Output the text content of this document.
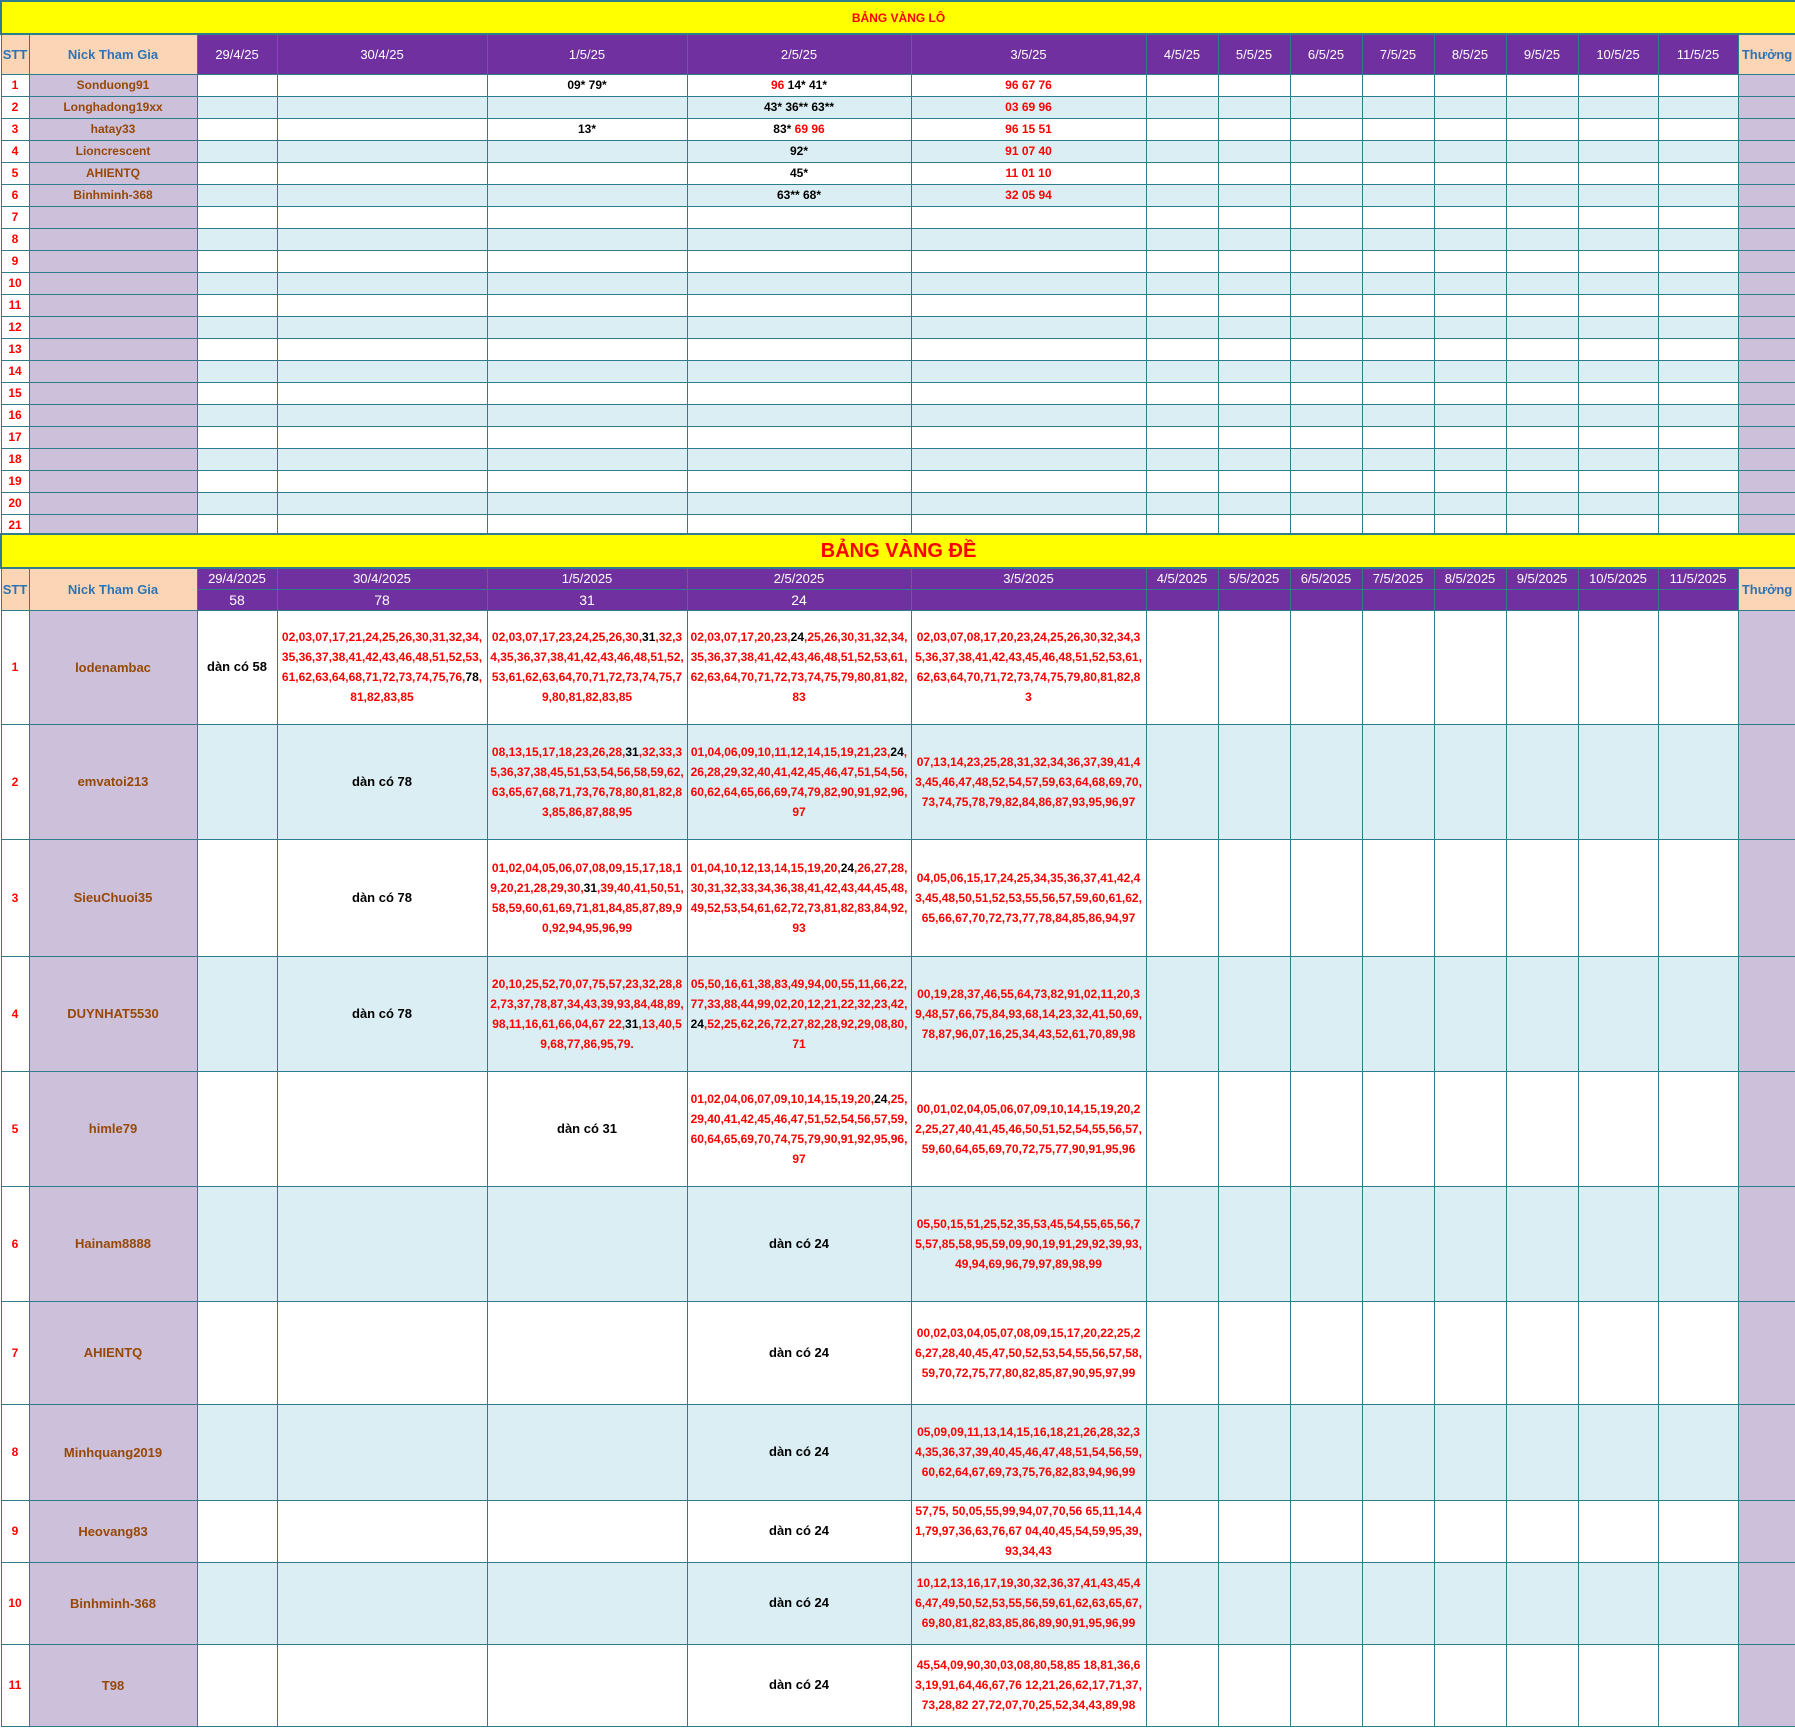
BẢNG VÀNG LÔ															
STT	Nick Tham Gia	29/4/25	30/4/25	1/5/25	2/5/25	3/5/25	4/5/25	5/5/25	6/5/25	7/5/25	8/5/25	9/5/25	10/5/25	11/5/25	Thưởng
1	Sonduong91			09* 79*	96 14* 41*	96 67 76									
2	Longhadong19xx				43* 36** 63**	03 69 96									
3	hatay33			13*	83* 69 96	96 15 51									
4	Lioncrescent				92*	91 07 40									
5	AHIENTQ				45*	11 01 10									
6	Binhminh-368				63** 68*	32 05 94									
7															
8															
9															
10															
11															
12															
13															
14															
15															
16															
17															
18															
19															
20															
21															
BẢNG VÀNG ĐỀ															
STT	Nick Tham Gia	29/4/2025	30/4/2025	1/5/2025	2/5/2025	3/5/2025	4/5/2025	5/5/2025	6/5/2025	7/5/2025	8/5/2025	9/5/2025	10/5/2025	11/5/2025	Thưởng
		58	78	31	24										
1	lodenambac	dàn có 58	02,03,07,17,21,24,25,26,30,31,32,34,35,36,37,38,41,42,43,46,48,51,52,53,61,62,63,64,68,71,72,73,74,75,76,78,81,82,83,85	02,03,07,17,23,24,25,26,30,31,32,34,35,36,37,38,41,42,43,46,48,51,52,53,61,62,63,64,70,71,72,73,74,75,79,80,81,82,83,85	02,03,07,17,20,23,24,25,26,30,31,32,34,35,36,37,38,41,42,43,46,48,51,52,53,61,62,63,64,70,71,72,73,74,75,79,80,81,82,83	02,03,07,08,17,20,23,24,25,26,30,32,34,35,36,37,38,41,42,43,45,46,48,51,52,53,61,62,63,64,70,71,72,73,74,75,79,80,81,82,83									
2	emvatoi213		dàn có 78	08,13,15,17,18,23,26,28,31,32,33,35,36,37,38,45,51,53,54,56,58,59,62,63,65,67,68,71,73,76,78,80,81,82,83,85,86,87,88,95	01,04,06,09,10,11,12,14,15,19,21,23,24,26,28,29,32,40,41,42,45,46,47,51,54,56,60,62,64,65,66,69,74,79,82,90,91,92,96,97	07,13,14,23,25,28,31,32,34,36,37,39,41,43,45,46,47,48,52,54,57,59,63,64,68,69,70,73,74,75,78,79,82,84,86,87,93,95,96,97									
3	SieuChuoi35		dàn có 78	01,02,04,05,06,07,08,09,15,17,18,19,20,21,28,29,30,31,39,40,41,50,51,58,59,60,61,69,71,81,84,85,87,89,90,92,94,95,96,99	01,04,10,12,13,14,15,19,20,24,26,27,28,30,31,32,33,34,36,38,41,42,43,44,45,48,49,52,53,54,61,62,72,73,81,82,83,84,92,93	04,05,06,15,17,24,25,34,35,36,37,41,42,43,45,48,50,51,52,53,55,56,57,59,60,61,62,65,66,67,70,72,73,77,78,84,85,86,94,97									
4	DUYNHAT5530		dàn có 78	20,10,25,52,70,07,75,57,23,32,28,82,73,37,78,87,34,43,39,93,84,48,89,98,11,16,61,66,04,67 22,31,13,40,59,68,77,86,95,79.	05,50,16,61,38,83,49,94,00,55,11,66,22,77,33,88,44,99,02,20,12,21,22,32,23,42,24,52,25,62,26,72,27,82,28,92,29,08,80,71	00,19,28,37,46,55,64,73,82,91,02,11,20,39,48,57,66,75,84,93,68,14,23,32,41,50,69,78,87,96,07,16,25,34,43,52,61,70,89,98									
5	himle79			dàn có 31	01,02,04,06,07,09,10,14,15,19,20,24,25,29,40,41,42,45,46,47,51,52,54,56,57,59,60,64,65,69,70,74,75,79,90,91,92,95,96,97	00,01,02,04,05,06,07,09,10,14,15,19,20,22,25,27,40,41,45,46,50,51,52,54,55,56,57,59,60,64,65,69,70,72,75,77,90,91,95,96									
6	Hainam8888				dàn có 24	05,50,15,51,25,52,35,53,45,54,55,65,56,75,57,85,58,95,59,09,90,19,91,29,92,39,93,49,94,69,96,79,97,89,98,99									
7	AHIENTQ				dàn có 24	00,02,03,04,05,07,08,09,15,17,20,22,25,26,27,28,40,45,47,50,52,53,54,55,56,57,58,59,70,72,75,77,80,82,85,87,90,95,97,99									
8	Minhquang2019				dàn có 24	05,09,09,11,13,14,15,16,18,21,26,28,32,34,35,36,37,39,40,45,46,47,48,51,54,56,59,60,62,64,67,69,73,75,76,82,83,94,96,99									
9	Heovang83				dàn có 24	57,75, 50,05,55,99,94,07,70,56 65,11,14,41,79,97,36,63,76,67 04,40,45,54,59,95,39,93,34,43									
10	Binhminh-368				dàn có 24	10,12,13,16,17,19,30,32,36,37,41,43,45,46,47,49,50,52,53,55,56,59,61,62,63,65,67,69,80,81,82,83,85,86,89,90,91,95,96,99									
11	T98				dàn có 24	45,54,09,90,30,03,08,80,58,85 18,81,36,63,19,91,64,46,67,76 12,21,26,62,17,71,37,73,28,82 27,72,07,70,25,52,34,43,89,98									
